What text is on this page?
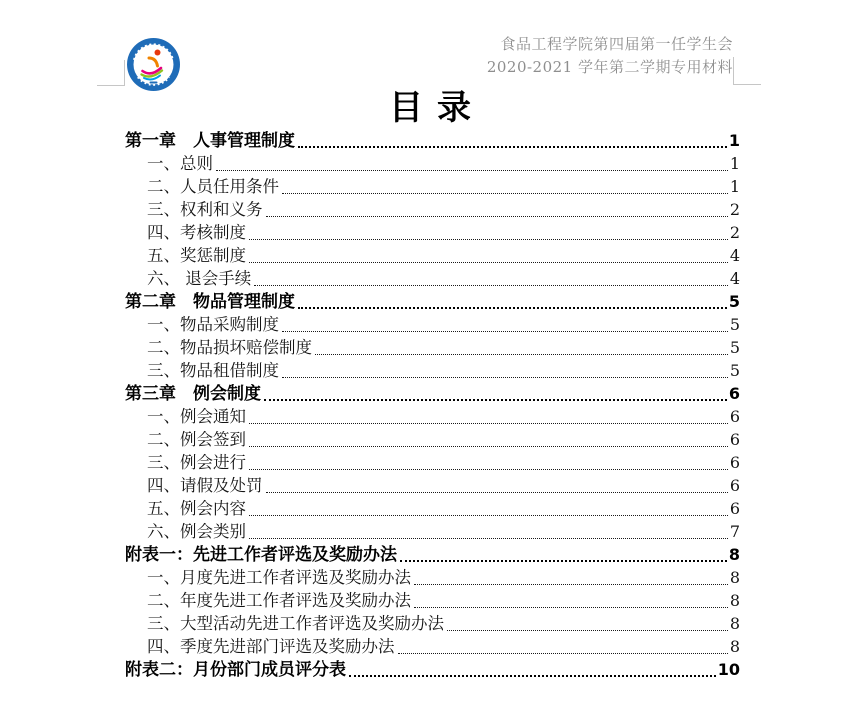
食品工程学院第四届第一任学生会
2020-2021 学年第二学期专用材料
目录
第一章　人事管理制度	1
一、总则	1
二、人员任用条件	1
三、权利和义务	2
四、考核制度	2
五、奖惩制度	4
六、 退会手续	4
第二章　物品管理制度	5
一、物品采购制度	5
二、物品损坏赔偿制度	5
三、物品租借制度	5
第三章　例会制度	6
一、例会通知	6
二、例会签到	6
三、例会进行	6
四、请假及处罚	6
五、例会内容	6
六、例会类别	7
附表一：先进工作者评选及奖励办法	8
一、月度先进工作者评选及奖励办法	8
二、年度先进工作者评选及奖励办法	8
三、大型活动先进工作者评选及奖励办法	8
四、季度先进部门评选及奖励办法	8
附表二：月份部门成员评分表	10
